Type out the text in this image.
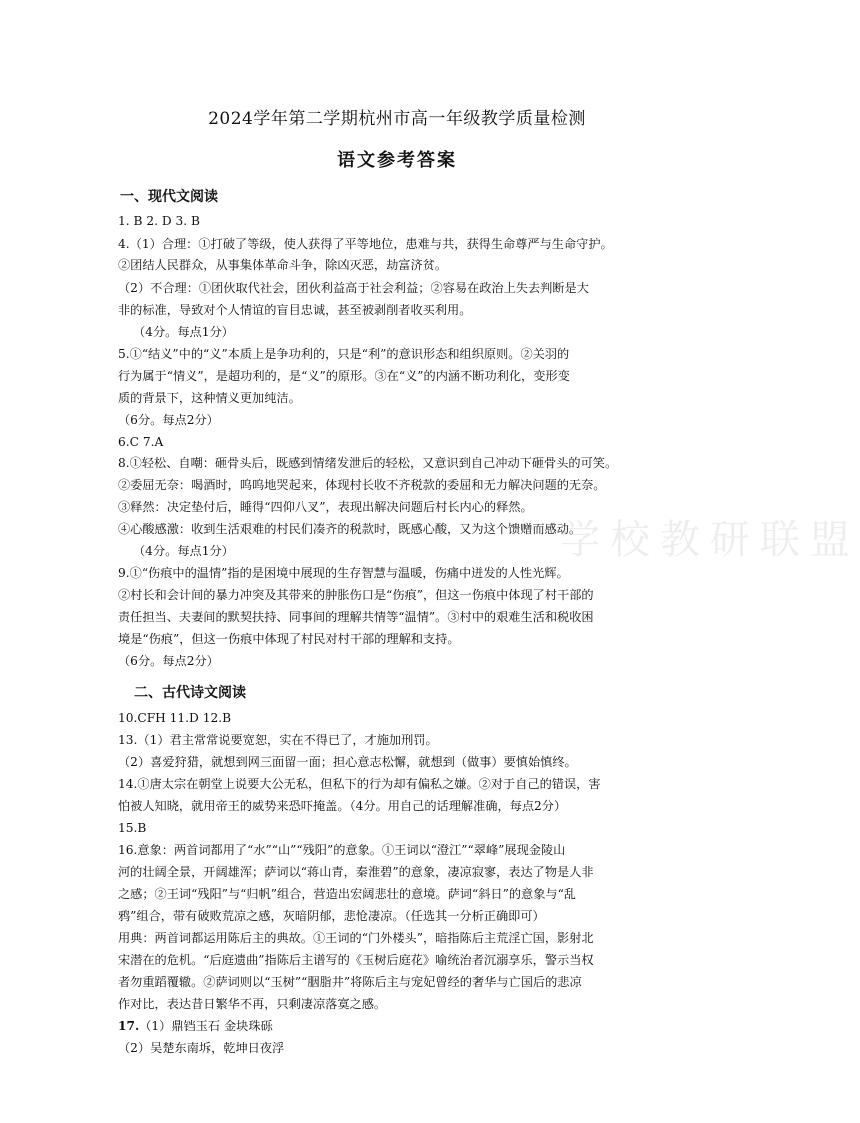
学校教研联盟
2024学年第二学期杭州市高一年级教学质量检测
语文参考答案
一、现代文阅读
1. B 2. D 3. B
4.（1）合理：①打破了等级，使人获得了平等地位，患难与共，获得生命尊严与生命守护。
②团结人民群众，从事集体革命斗争，除凶灭恶，劫富济贫。
（2）不合理：①团伙取代社会，团伙利益高于社会利益；②容易在政治上失去判断是大
非的标准，导致对个人情谊的盲目忠诚，甚至被剥削者收买利用。
（4分。每点1分）
5.①“结义”中的“义”本质上是争功利的，只是“利”的意识形态和组织原则。②关羽的
行为属于“情义”，是超功利的，是“义”的原形。③在“义”的内涵不断功利化，变形变
质的背景下，这种情义更加纯洁。
（6分。每点2分）
6.C 7.A
8.①轻松、自嘲：砸骨头后，既感到情绪发泄后的轻松，又意识到自己冲动下砸骨头的可笑。
②委屈无奈：喝酒时，呜呜地哭起来，体现村长收不齐税款的委屈和无力解决问题的无奈。
③释然：决定垫付后，睡得“四仰八叉”，表现出解决问题后村长内心的释然。
④心酸感激：收到生活艰难的村民们凑齐的税款时，既感心酸，又为这个馈赠而感动。
（4分。每点1分）
9.①“伤痕中的温情”指的是困境中展现的生存智慧与温暖，伤痛中迸发的人性光辉。
②村长和会计间的暴力冲突及其带来的肿胀伤口是“伤痕”，但这一伤痕中体现了村干部的
责任担当、夫妻间的默契扶持、同事间的理解共情等“温情”。③村中的艰难生活和税收困
境是“伤痕”，但这一伤痕中体现了村民对村干部的理解和支持。
（6分。每点2分）
二、古代诗文阅读
10.CFH 11.D 12.B
13.（1）君主常常说要宽恕，实在不得已了，才施加刑罚。
（2）喜爱狩猎，就想到网三面留一面；担心意志松懈，就想到（做事）要慎始慎终。
14.①唐太宗在朝堂上说要大公无私，但私下的行为却有偏私之嫌。②对于自己的错误，害
怕被人知晓，就用帝王的威势来恐吓掩盖。（4分。用自己的话理解准确，每点2分）
15.B
16.意象：两首词都用了“水”“山”“残阳”的意象。①王词以“澄江”“翠峰”展现金陵山
河的壮阔全景，开阔雄浑；萨词以“蒋山青，秦淮碧”的意象，凄凉寂寥，表达了物是人非
之感；②王词“残阳”与“归帆”组合，营造出宏阔悲壮的意境。萨词“斜日”的意象与“乱
鸦”组合，带有破败荒凉之感，灰暗阴郁，悲怆凄凉。（任选其一分析正确即可）
用典：两首词都运用陈后主的典故。①王词的“门外楼头”，暗指陈后主荒淫亡国，影射北
宋潜在的危机。“后庭遗曲”指陈后主谱写的《玉树后庭花》喻统治者沉溺享乐，警示当权
者勿重蹈覆辙。②萨词则以“玉树”“胭脂井”将陈后主与宠妃曾经的奢华与亡国后的悲凉
作对比，表达昔日繁华不再，只剩凄凉落寞之感。
17.（1）鼎铛玉石 金块珠砾
（2）吴楚东南坼，乾坤日夜浮
